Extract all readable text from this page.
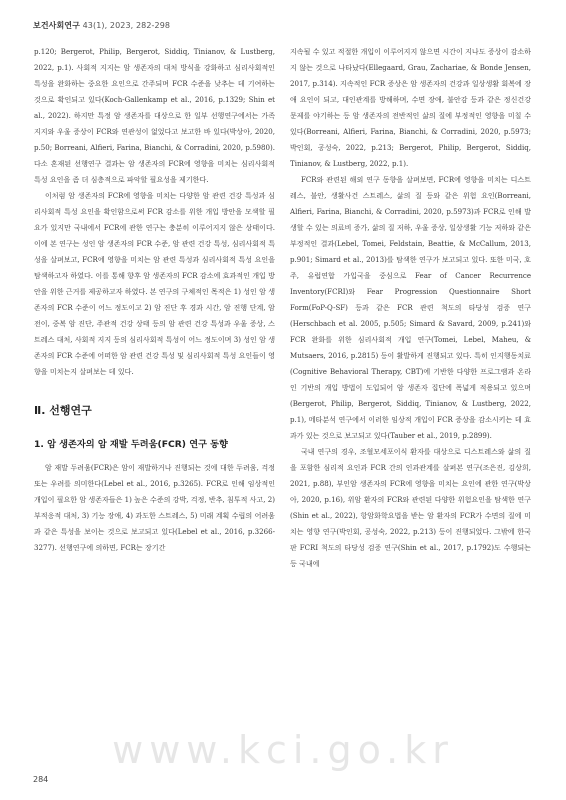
보건사회연구 43(1), 2023, 282-298

p.120; Bergerot, Philip, Bergerot, Siddiq, Tinianov, & Lustberg, 2022, p.1). 사회적 지지는 암 생존자의 대처 방식을 강화하고 심리사회적인 특성을 완화하는 중요한 요인으로 간주되며 FCR 수준을 낮추는 데 기여하는 것으로 확인되고 있다(Koch-Gallenkamp et al., 2016, p.1329; Shin et al., 2022). 하지만 특정 암 생존자를 대상으로 한 일부 선행연구에서는 가족 지지와 우울 증상이 FCR와 연관성이 없었다고 보고한 바 있다(박상아, 2020, p.50; Borreani, Alfieri, Farina, Bianchi, & Corradini, 2020, p.5980). 다소 혼재된 선행연구 결과는 암 생존자의 FCR에 영향을 미치는 심리사회적 특성 요인을 좀 더 심층적으로 파악할 필요성을 제기한다.

이처럼 암 생존자의 FCR에 영향을 미치는 다양한 암 관련 건강 특성과 심리사회적 특성 요인을 확인함으로써 FCR 감소를 위한 개입 방안을 모색할 필요가 있지만 국내에서 FCR에 관한 연구는 충분히 이루어지지 않은 상태이다. 이에 본 연구는 성인 암 생존자의 FCR 수준, 암 관련 건강 특성, 심리사회적 특성을 살펴보고, FCR에 영향을 미치는 암 관련 특성과 심리사회적 특성 요인을 탐색하고자 하였다. 이를 통해 향후 암 생존자의 FCR 감소에 효과적인 개입 방안을 위한 근거를 제공하고자 하였다. 본 연구의 구체적인 목적은 1) 성인 암 생존자의 FCR 수준이 어느 정도이고 2) 암 진단 후 경과 시간, 암 진행 단계, 암 전이, 중복 암 진단, 주관적 건강 상태 등의 암 관련 건강 특성과 우울 증상, 스트레스 대처, 사회적 지지 등의 심리사회적 특성이 어느 정도이며 3) 성인 암 생존자의 FCR 수준에 어떠한 암 관련 건강 특성 및 심리사회적 특성 요인들이 영향을 미치는지 살펴보는 데 있다.

Ⅱ. 선행연구
1. 암 생존자의 암 재발 두려움(FCR) 연구 동향

암 재발 두려움(FCR)은 암이 재발하거나 진행되는 것에 대한 두려움, 걱정 또는 우려를 의미한다(Lebel et al., 2016, p.3265). FCR로 인해 임상적인 개입이 필요한 암 생존자들은 1) 높은 수준의 강박, 걱정, 반추, 침투적 사고, 2) 부적응적 대처, 3) 기능 장애, 4) 과도한 스트레스, 5) 미래 계획 수립의 어려움과 같은 특성을 보이는 것으로 보고되고 있다(Lebel et al., 2016, p.3266-3277). 선행연구에 의하면, FCR는 장기간

지속될 수 있고 적절한 개입이 이루어지지 않으면 시간이 지나도 증상이 감소하지 않는 것으로 나타났다(Ellegaard, Grau, Zachariae, & Bonde Jensen, 2017, p.314). 지속적인 FCR 증상은 암 생존자의 건강과 일상생활 회복에 장애 요인이 되고, 대인관계를 방해하며, 수면 장애, 불안감 등과 같은 정신건강 문제를 야기하는 등 암 생존자의 전반적인 삶의 질에 부정적인 영향을 미칠 수 있다(Borreani, Alfieri, Farina, Bianchi, & Corradini, 2020, p.5973; 박인회, 공성숙, 2022, p.213; Bergerot, Philip, Bergerot, Siddiq, Tinianov, & Lustberg, 2022, p.1).

FCR와 관련된 해외 연구 동향을 살펴보면, FCR에 영향을 미치는 디스트레스, 불안, 생활사건 스트레스, 삶의 질 등와 같은 위험 요인(Borreani, Alfieri, Farina, Bianchi, & Corradini, 2020, p.5973)과 FCR로 인해 발생할 수 있는 의료비 증가, 삶의 질 저하, 우울 증상, 일상생활 기능 저하와 같은 부정적인 결과(Lebel, Tomei, Feldstain, Beattie, & McCallum, 2013, p.901; Simard et al., 2013)를 탐색한 연구가 보고되고 있다. 또한 미국, 호주, 유럽연합 가입국을 중심으로 Fear of Cancer Recurrence Inventory(FCRI)와 Fear Progression Questionnaire Short Form(FoP-Q-SF) 등과 같은 FCR 관련 척도의 타당성 검증 연구(Herschbach et al. 2005, p.505; Simard & Savard, 2009, p.241)와 FCR 완화를 위한 심리사회적 개입 연구(Tomei, Lebel, Maheu, & Mutsaers, 2016, p.2815) 등이 활발하게 진행되고 있다. 특히 인지행동치료(Cognitive Behavioral Therapy, CBT)에 기반한 다양한 프로그램과 온라인 기반의 개입 방법이 도입되어 암 생존자 집단에 폭넓게 적용되고 있으며(Bergerot, Philip, Bergerot, Siddiq, Tinianov, & Lustberg, 2022, p.1), 메타분석 연구에서 이러한 임상적 개입이 FCR 증상을 감소시키는 데 효과가 있는 것으로 보고되고 있다(Tauber et al., 2019, p.2899).

국내 연구의 경우, 조혈모세포이식 환자를 대상으로 디스트레스와 삶의 질을 포함한 심리적 요인과 FCR 간의 인과관계를 살펴본 연구(조은진, 김상희, 2021, p.88), 부인암 생존자의 FCR에 영향을 미치는 요인에 관한 연구(박상아, 2020, p.16), 위암 환자의 FCR와 관련된 다양한 위험요인을 탐색한 연구(Shin et al., 2022), 항암화학요법을 받는 암 환자의 FCR가 수면의 질에 미치는 영향 연구(박인회, 공성숙, 2022, p.213) 등이 진행되었다. 그밖에 한국판 FCRI 척도의 타당성 검증 연구(Shin et al., 2017, p.1792)도 수행되는 등 국내에

www.kci.go.kr
284
